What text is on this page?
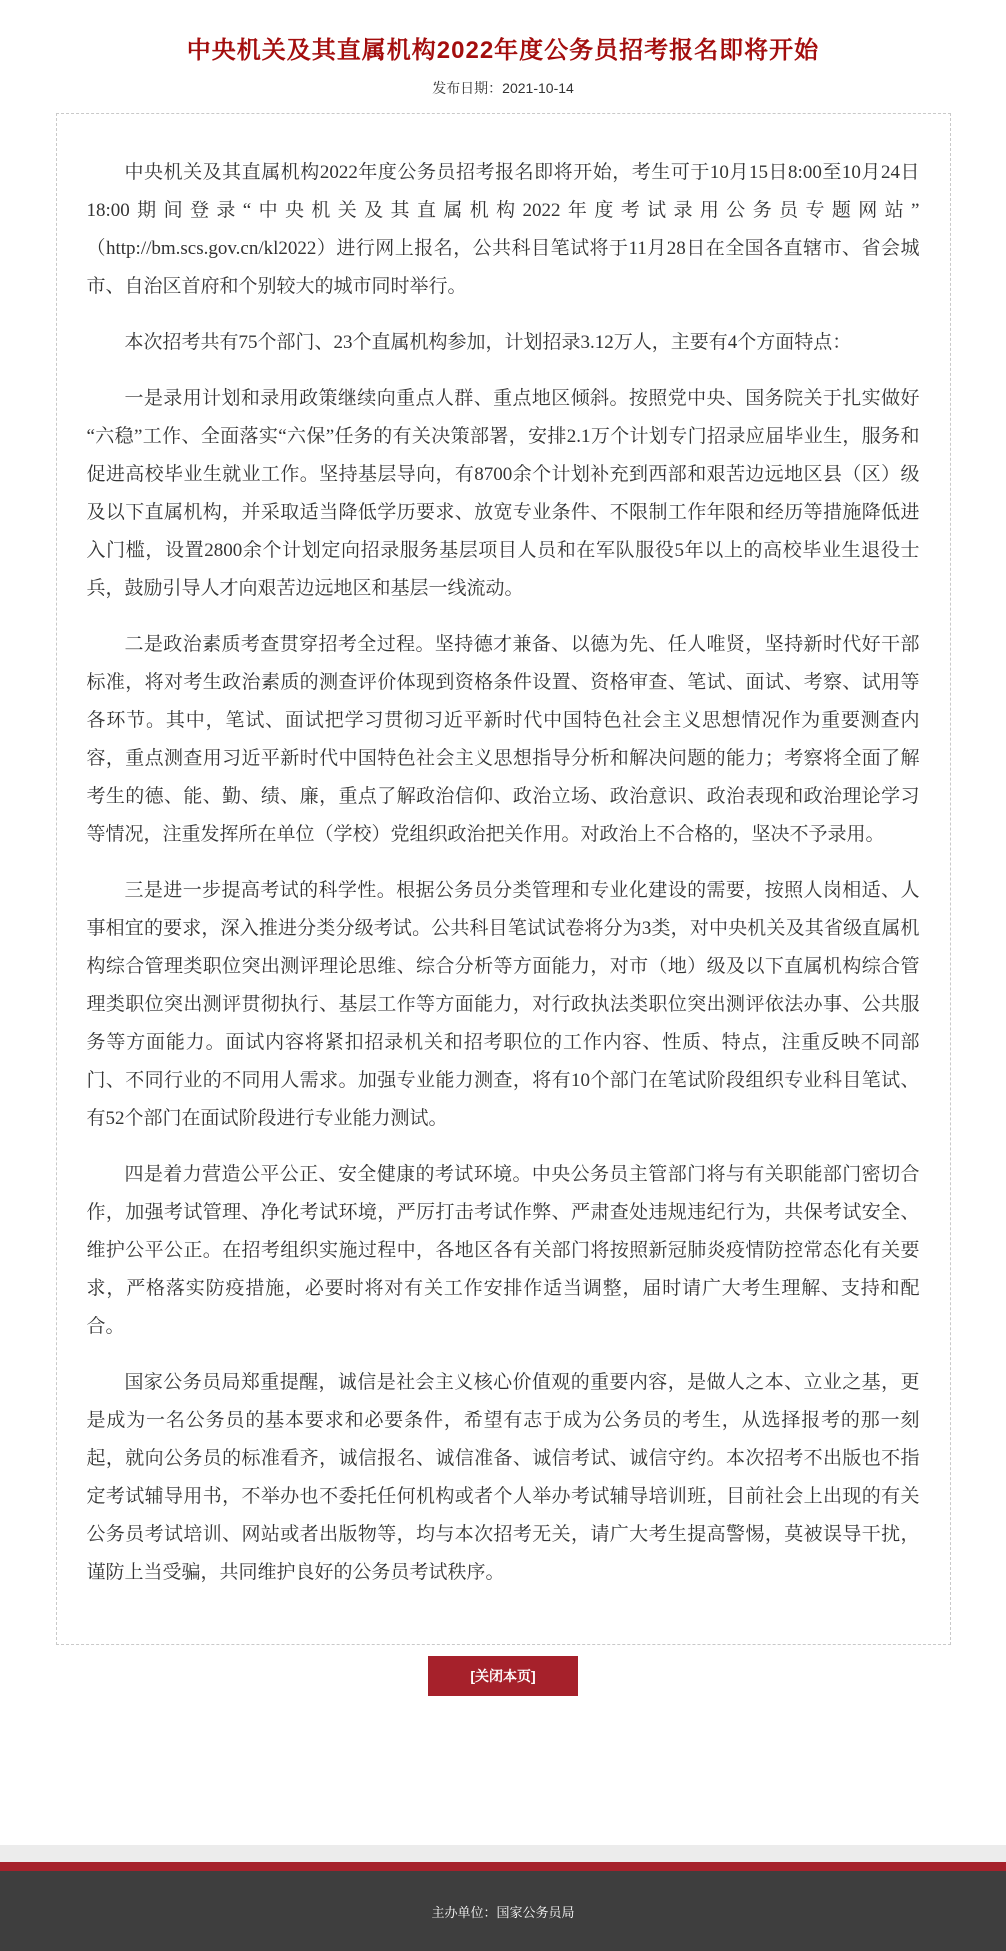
中央机关及其直属机构2022年度公务员招考报名即将开始
发布日期：2021-10-14

中央机关及其直属机构2022年度公务员招考报名即将开始，考生可于10月15日8:00至10月24日18:00期间登录“中央机关及其直属机构2022年度考试录用公务员专题网站”（http://bm.scs.gov.cn/kl2022）进行网上报名，公共科目笔试将于11月28日在全国各直辖市、省会城市、自治区首府和个别较大的城市同时举行。

本次招考共有75个部门、23个直属机构参加，计划招录3.12万人，主要有4个方面特点：

一是录用计划和录用政策继续向重点人群、重点地区倾斜。按照党中央、国务院关于扎实做好“六稳”工作、全面落实“六保”任务的有关决策部署，安排2.1万个计划专门招录应届毕业生，服务和促进高校毕业生就业工作。坚持基层导向，有8700余个计划补充到西部和艰苦边远地区县（区）级及以下直属机构，并采取适当降低学历要求、放宽专业条件、不限制工作年限和经历等措施降低进入门槛，设置2800余个计划定向招录服务基层项目人员和在军队服役5年以上的高校毕业生退役士兵，鼓励引导人才向艰苦边远地区和基层一线流动。

二是政治素质考查贯穿招考全过程。坚持德才兼备、以德为先、任人唯贤，坚持新时代好干部标准，将对考生政治素质的测查评价体现到资格条件设置、资格审查、笔试、面试、考察、试用等各环节。其中，笔试、面试把学习贯彻习近平新时代中国特色社会主义思想情况作为重要测查内容，重点测查用习近平新时代中国特色社会主义思想指导分析和解决问题的能力；考察将全面了解考生的德、能、勤、绩、廉，重点了解政治信仰、政治立场、政治意识、政治表现和政治理论学习等情况，注重发挥所在单位（学校）党组织政治把关作用。对政治上不合格的，坚决不予录用。

三是进一步提高考试的科学性。根据公务员分类管理和专业化建设的需要，按照人岗相适、人事相宜的要求，深入推进分类分级考试。公共科目笔试试卷将分为3类，对中央机关及其省级直属机构综合管理类职位突出测评理论思维、综合分析等方面能力，对市（地）级及以下直属机构综合管理类职位突出测评贯彻执行、基层工作等方面能力，对行政执法类职位突出测评依法办事、公共服务等方面能力。面试内容将紧扣招录机关和招考职位的工作内容、性质、特点，注重反映不同部门、不同行业的不同用人需求。加强专业能力测查，将有10个部门在笔试阶段组织专业科目笔试、有52个部门在面试阶段进行专业能力测试。

四是着力营造公平公正、安全健康的考试环境。中央公务员主管部门将与有关职能部门密切合作，加强考试管理、净化考试环境，严厉打击考试作弊、严肃查处违规违纪行为，共保考试安全、维护公平公正。在招考组织实施过程中，各地区各有关部门将按照新冠肺炎疫情防控常态化有关要求，严格落实防疫措施，必要时将对有关工作安排作适当调整，届时请广大考生理解、支持和配合。

国家公务员局郑重提醒，诚信是社会主义核心价值观的重要内容，是做人之本、立业之基，更是成为一名公务员的基本要求和必要条件，希望有志于成为公务员的考生，从选择报考的那一刻起，就向公务员的标准看齐，诚信报名、诚信准备、诚信考试、诚信守约。本次招考不出版也不指定考试辅导用书，不举办也不委托任何机构或者个人举办考试辅导培训班，目前社会上出现的有关公务员考试培训、网站或者出版物等，均与本次招考无关，请广大考生提高警惕，莫被误导干扰，谨防上当受骗，共同维护良好的公务员考试秩序。

[关闭本页]
主办单位：国家公务员局
